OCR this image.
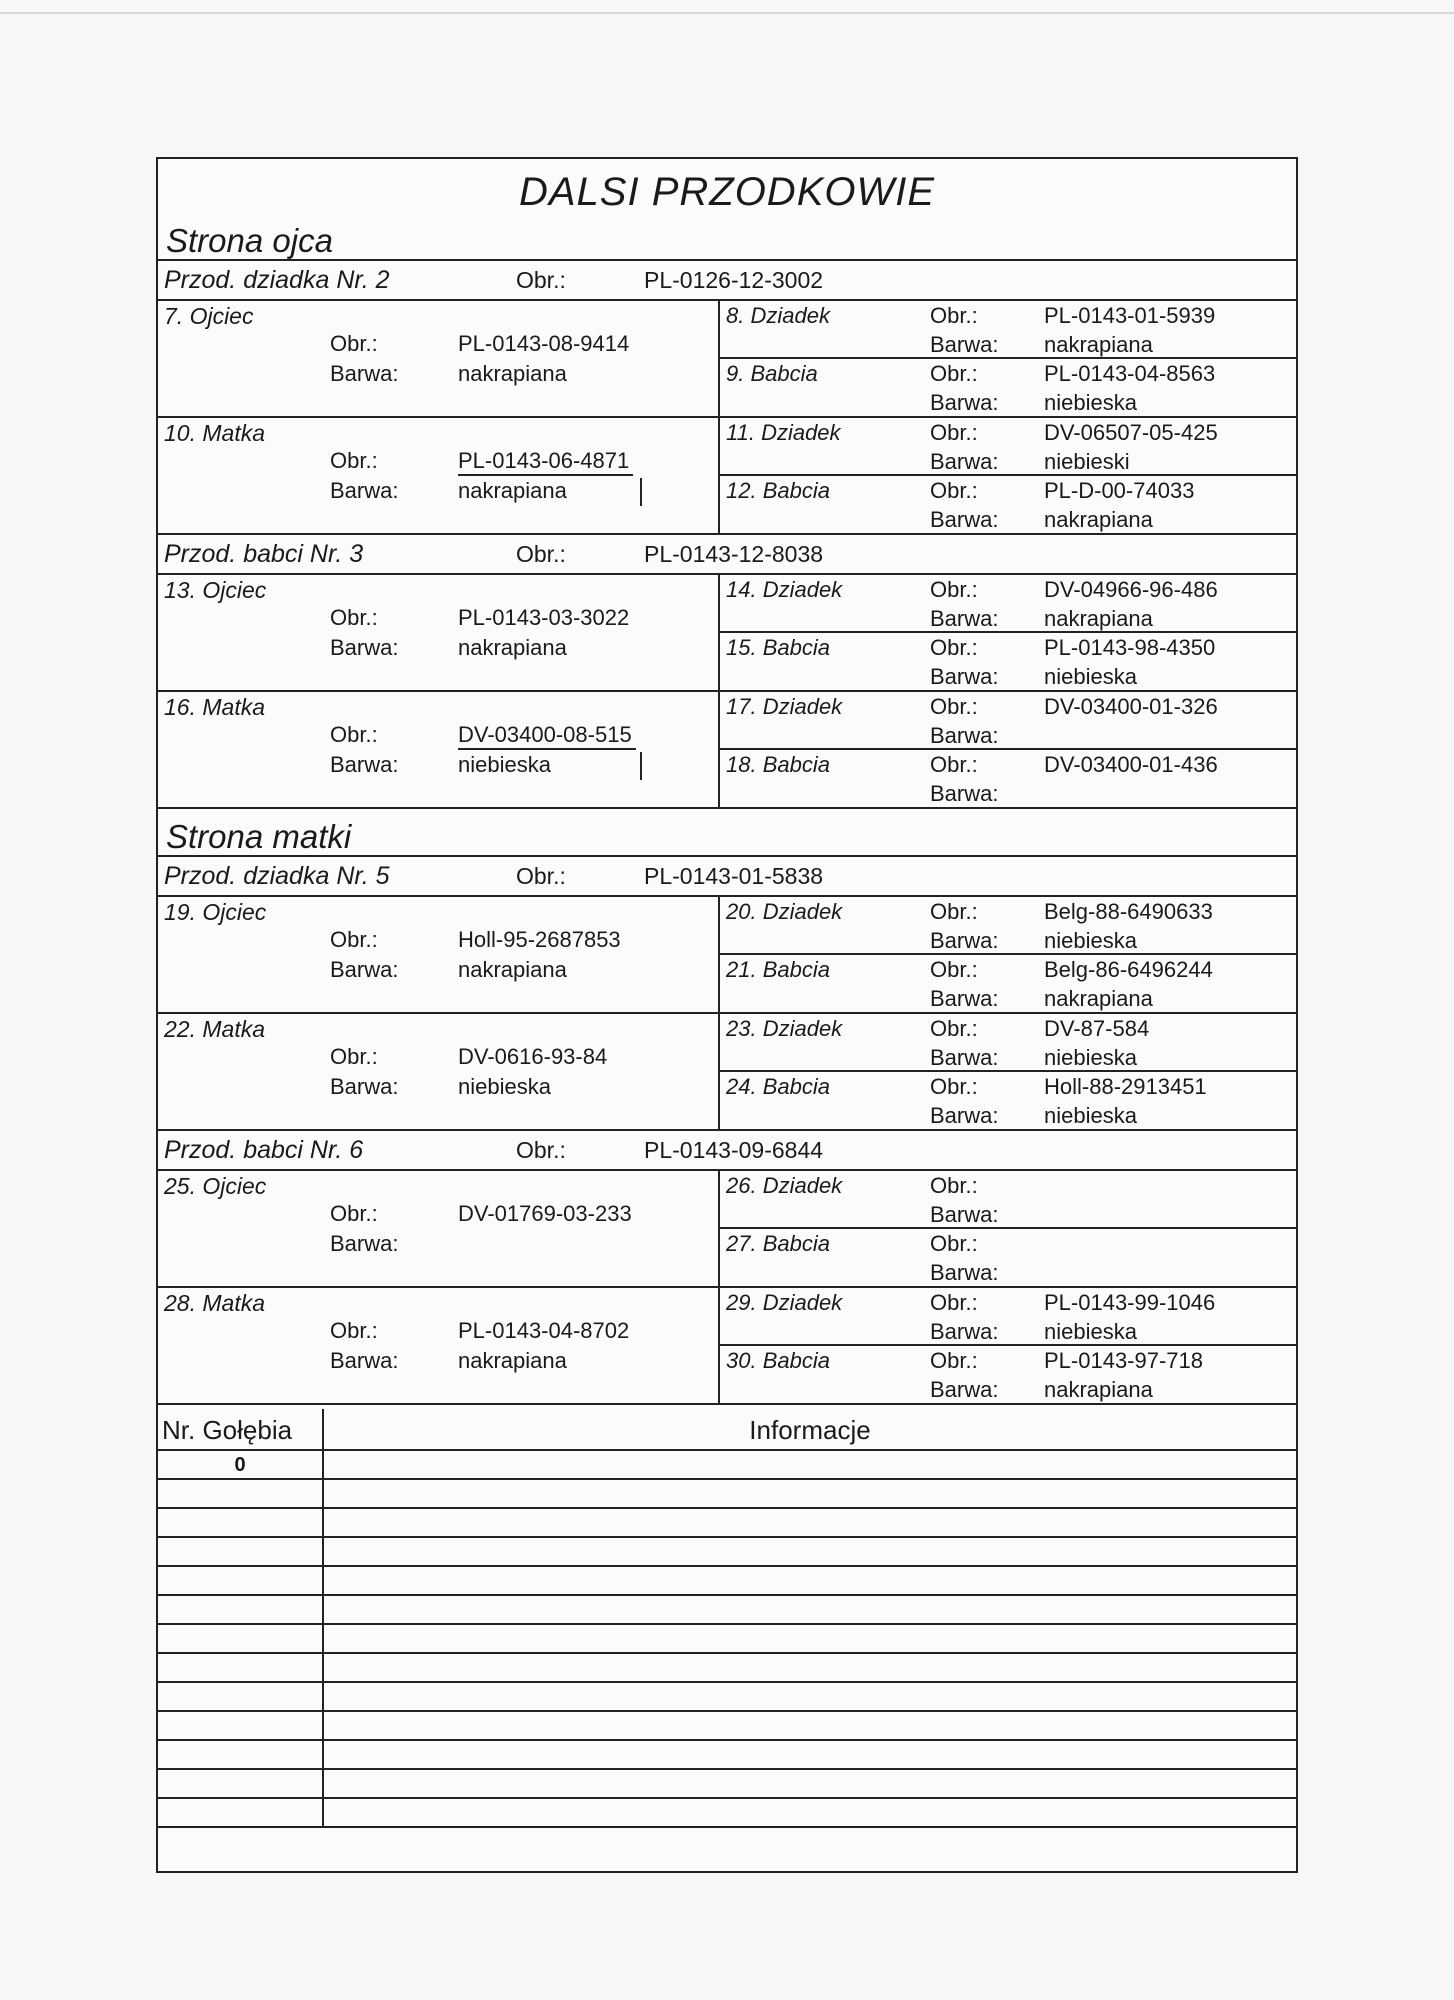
DALSI PRZODKOWIE
Strona ojca
Przod. dziadka Nr. 2	Obr.:	PL-0126-12-3002
7. Ojciec
Obr.:	PL-0143-08-9414
Barwa:	nakrapiana
8. Dziadek	Obr.:	PL-0143-01-5939
Barwa: nakrapiana
9. Babcia	Obr.:	PL-0143-04-8563
Barwa: niebieska
10. Matka
Obr.:	PL-0143-06-4871
Barwa:	nakrapiana
11. Dziadek	Obr.:	DV-06507-05-425
Barwa: niebieski
12. Babcia	Obr.:	PL-D-00-74033
Barwa: nakrapiana
Przod. babci Nr. 3	Obr.:	PL-0143-12-8038
13. Ojciec
Obr.:	PL-0143-03-3022
Barwa:	nakrapiana
14. Dziadek	Obr.:	DV-04966-96-486
Barwa: nakrapiana
15. Babcia	Obr.:	PL-0143-98-4350
Barwa: niebieska
16. Matka
Obr.:	DV-03400-08-515
Barwa:	niebieska
17. Dziadek	Obr.:	DV-03400-01-326
Barwa:
18. Babcia	Obr.:	DV-03400-01-436
Barwa:
Strona matki
Przod. dziadka Nr. 5	Obr.:	PL-0143-01-5838
19. Ojciec
Obr.:	Holl-95-2687853
Barwa:	nakrapiana
20. Dziadek	Obr.:	Belg-88-6490633
Barwa: niebieska
21. Babcia	Obr.:	Belg-86-6496244
Barwa: nakrapiana
22. Matka
Obr.:	DV-0616-93-84
Barwa:	niebieska
23. Dziadek	Obr.:	DV-87-584
Barwa: niebieska
24. Babcia	Obr.:	Holl-88-2913451
Barwa: niebieska
Przod. babci Nr. 6	Obr.:	PL-0143-09-6844
25. Ojciec
Obr.:	DV-01769-03-233
Barwa:
26. Dziadek	Obr.:
Barwa:
27. Babcia	Obr.:
Barwa:
28. Matka
Obr.:	PL-0143-04-8702
Barwa:	nakrapiana
29. Dziadek	Obr.:	PL-0143-99-1046
Barwa: niebieska
30. Babcia	Obr.:	PL-0143-97-718
Barwa: nakrapiana
Nr. Gołębia	Informacje
0
